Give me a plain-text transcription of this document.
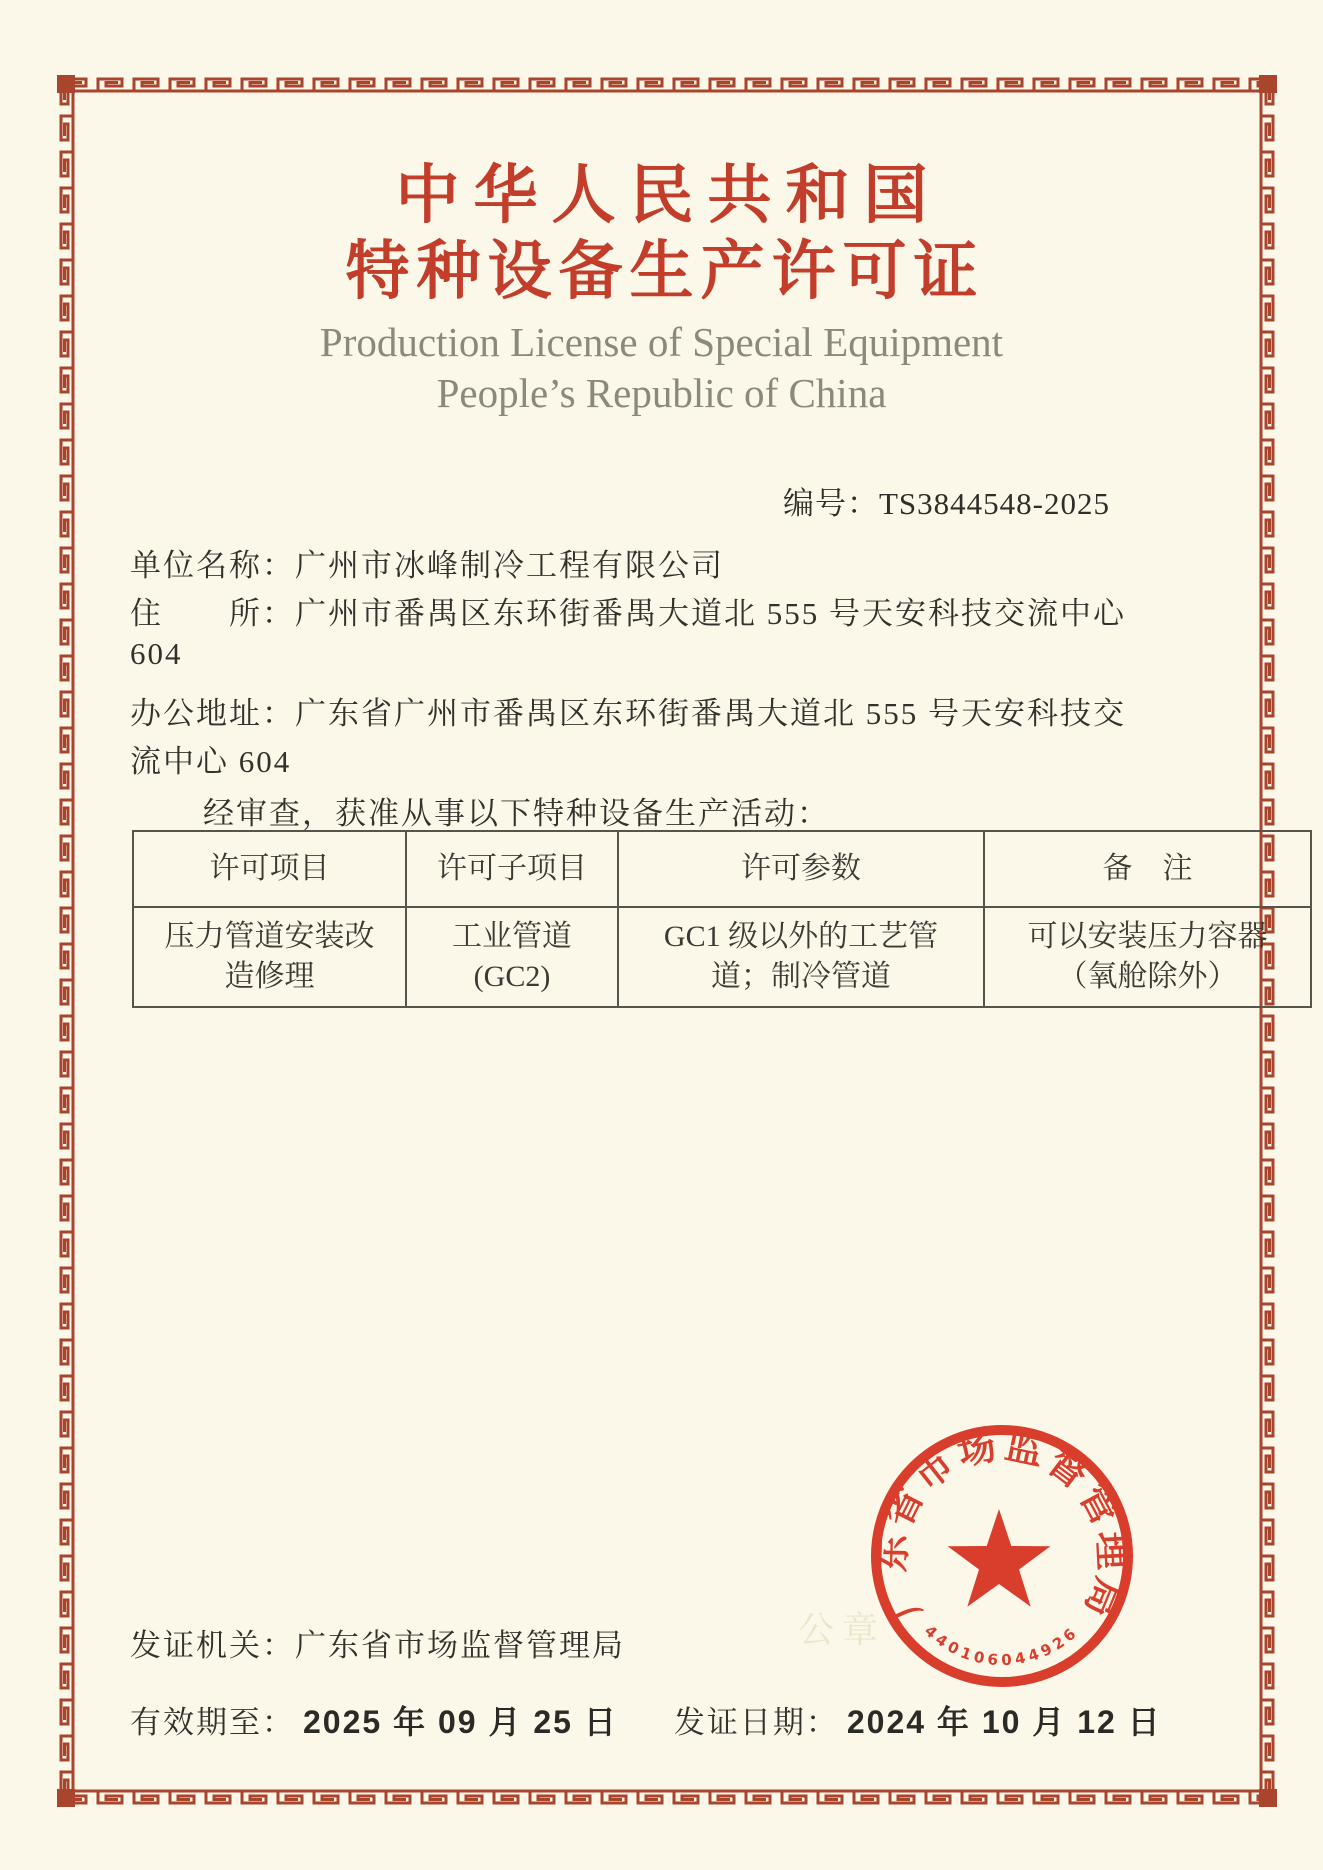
中华人民共和国
特种设备生产许可证
Production License of Special Equipment
People’s Republic of China
编号：TS3844548-2025
单位名称：广州市冰峰制冷工程有限公司
住　　所：广州市番禺区东环街番禺大道北 555 号天安科技交流中心
604
办公地址：广东省广州市番禺区东环街番禺大道北 555 号天安科技交
流中心 604
经审查，获准从事以下特种设备生产活动：
许可项目	许可子项目	许可参数	备　注
压力管道安装改造修理	工业管道 (GC2)	GC1 级以外的工艺管道；制冷管道	可以安装压力容器（氧舱除外）
发证机关：广东省市场监督管理局
有效期至： 2025 年 09 月 25 日 发证日期： 2024 年 10 月 12 日
公章
广东省市场监督管理局
440106044926
